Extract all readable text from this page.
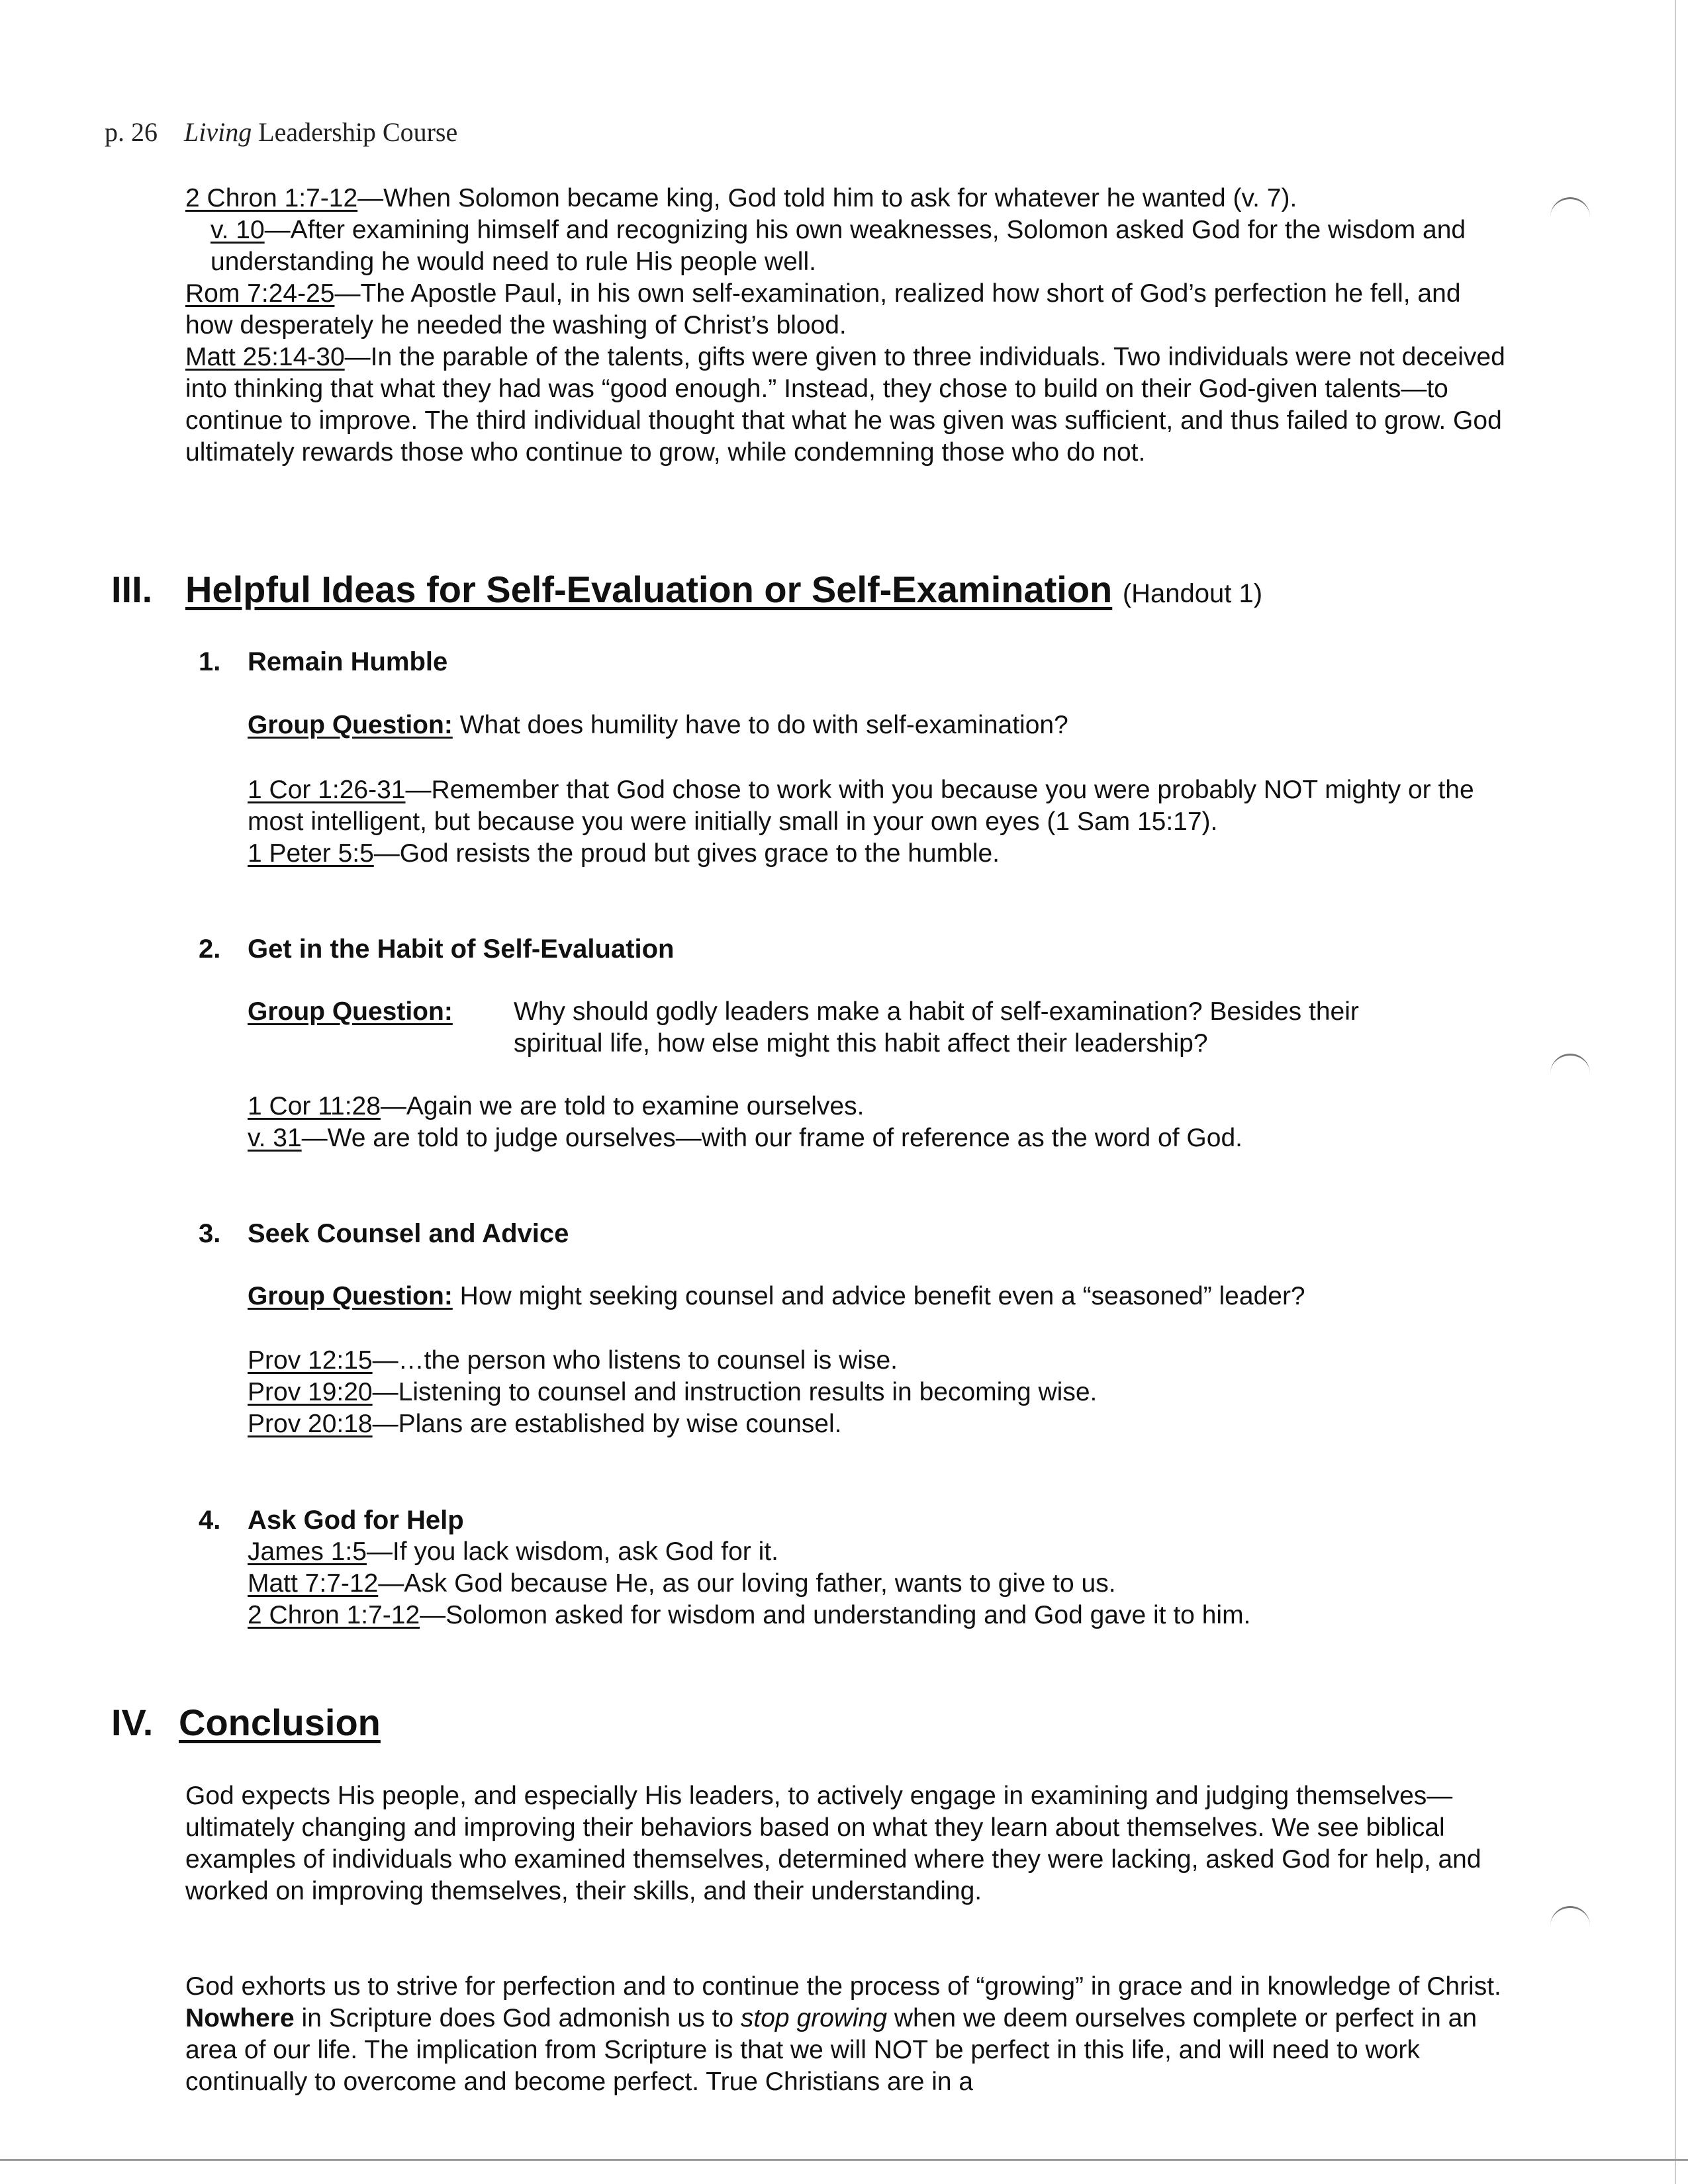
p. 26 Living Leadership Course

2 Chron 1:7-12—When Solomon became king, God told him to ask for whatever he wanted (v. 7).

v. 10—After examining himself and recognizing his own weaknesses, Solomon asked God for the wisdom and understanding he would need to rule His people well.

Rom 7:24-25—The Apostle Paul, in his own self-examination, realized how short of God’s perfection he fell, and how desperately he needed the washing of Christ’s blood.

Matt 25:14-30—In the parable of the talents, gifts were given to three individuals. Two individuals were not deceived into thinking that what they had was “good enough.” Instead, they chose to build on their God-given talents—to continue to improve. The third individual thought that what he was given was sufficient, and thus failed to grow. God ultimately rewards those who continue to grow, while condemning those who do not.

III. Helpful Ideas for Self-Evaluation or Self-Examination (Handout 1)
1. Remain Humble

Group Question: What does humility have to do with self-examination?

1 Cor 1:26-31—Remember that God chose to work with you because you were probably NOT mighty or the most intelligent, but because you were initially small in your own eyes (1 Sam 15:17).

1 Peter 5:5—God resists the proud but gives grace to the humble.

2. Get in the Habit of Self-Evaluation

Group Question: Why should godly leaders make a habit of self-examination? Besides their

spiritual life, how else might this habit affect their leadership?

1 Cor 11:28—Again we are told to examine ourselves.

v. 31—We are told to judge ourselves—with our frame of reference as the word of God.

3. Seek Counsel and Advice

Group Question: How might seeking counsel and advice benefit even a “seasoned” leader?

Prov 12:15—…the person who listens to counsel is wise.

Prov 19:20—Listening to counsel and instruction results in becoming wise.

Prov 20:18—Plans are established by wise counsel.

4. Ask God for Help

James 1:5—If you lack wisdom, ask God for it.

Matt 7:7-12—Ask God because He, as our loving father, wants to give to us.

2 Chron 1:7-12—Solomon asked for wisdom and understanding and God gave it to him.

IV. Conclusion

God expects His people, and especially His leaders, to actively engage in examining and judging themselves—ultimately changing and improving their behaviors based on what they learn about themselves. We see biblical examples of individuals who examined themselves, determined where they were lacking, asked God for help, and worked on improving themselves, their skills, and their understanding.

God exhorts us to strive for perfection and to continue the process of “growing” in grace and in knowledge of Christ. Nowhere in Scripture does God admonish us to stop growing when we deem ourselves complete or perfect in an area of our life. The implication from Scripture is that we will NOT be perfect in this life, and will need to work continually to overcome and become perfect. True Christians are in a
